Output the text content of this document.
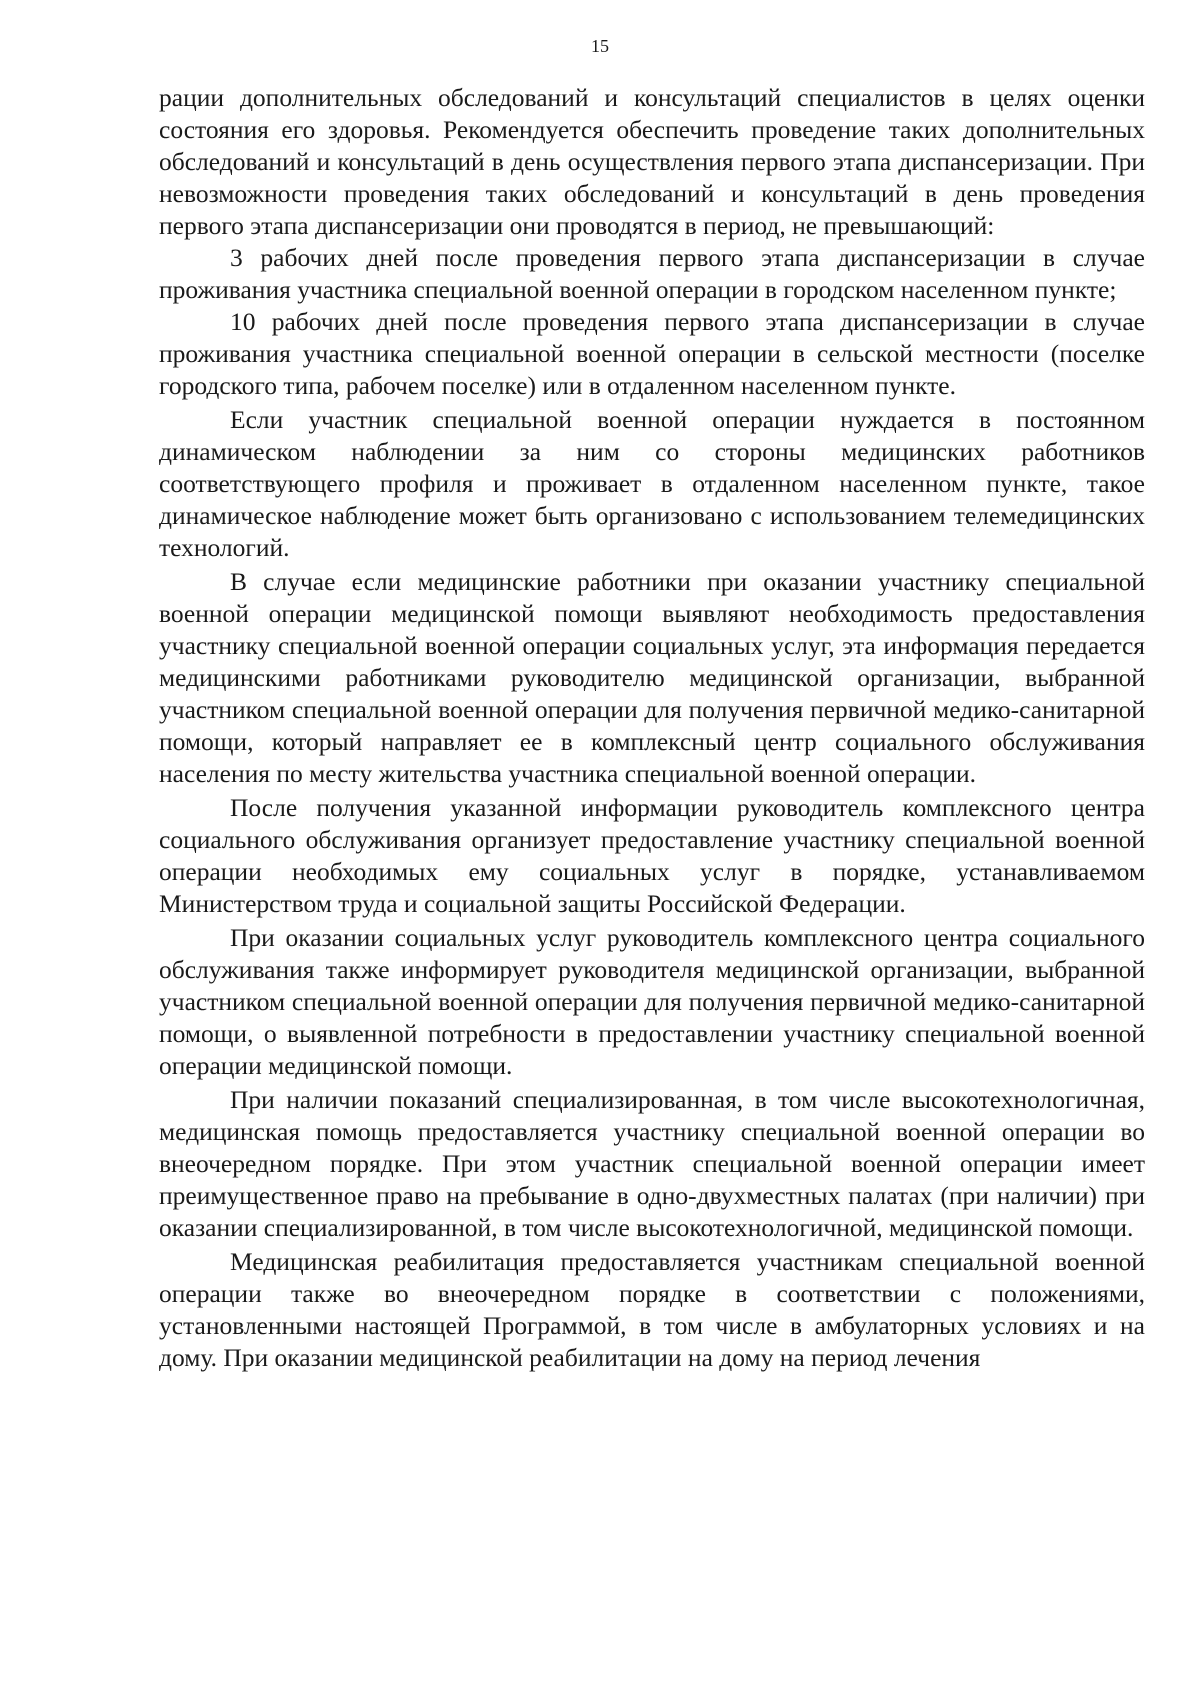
15

рации дополнительных обследований и консультаций специалистов в целях оценки состояния его здоровья. Рекомендуется обеспечить проведение таких дополнительных обследований и консультаций в день осуществления первого этапа диспансеризации. При невозможности проведения таких обследований и консультаций в день проведения первого этапа диспансеризации они проводятся в период, не превышающий:

3 рабочих дней после проведения первого этапа диспансеризации в случае проживания участника специальной военной операции в городском населенном пункте;

10 рабочих дней после проведения первого этапа диспансеризации в случае проживания участника специальной военной операции в сельской местности (поселке городского типа, рабочем поселке) или в отдаленном населенном пункте.

Если участник специальной военной операции нуждается в постоянном динамическом наблюдении за ним со стороны медицинских работников соответствующего профиля и проживает в отдаленном населенном пункте, такое динамическое наблюдение может быть организовано с использованием телемедицинских технологий.

В случае если медицинские работники при оказании участнику специальной военной операции медицинской помощи выявляют необходимость предоставления участнику специальной военной операции социальных услуг, эта информация передается медицинскими работниками руководителю медицинской организации, выбранной участником специальной военной операции для получения первичной медико-санитарной помощи, который направляет ее в комплексный центр социального обслуживания населения по месту жительства участника специальной военной операции.

После получения указанной информации руководитель комплексного центра социального обслуживания организует предоставление участнику специальной военной операции необходимых ему социальных услуг в порядке, устанавливаемом Министерством труда и социальной защиты Российской Федерации.

При оказании социальных услуг руководитель комплексного центра социального обслуживания также информирует руководителя медицинской организации, выбранной участником специальной военной операции для получения первичной медико-санитарной помощи, о выявленной потребности в предоставлении участнику специальной военной операции медицинской помощи.

При наличии показаний специализированная, в том числе высокотехнологичная, медицинская помощь предоставляется участнику специальной военной операции во внеочередном порядке. При этом участник специальной военной операции имеет преимущественное право на пребывание в одно-двухместных палатах (при наличии) при оказании специализированной, в том числе высокотехнологичной, медицинской помощи.

Медицинская реабилитация предоставляется участникам специальной военной операции также во внеочередном порядке в соответствии с положениями, установленными настоящей Программой, в том числе в амбулаторных условиях и на дому. При оказании медицинской реабилитации на дому на период лечения
